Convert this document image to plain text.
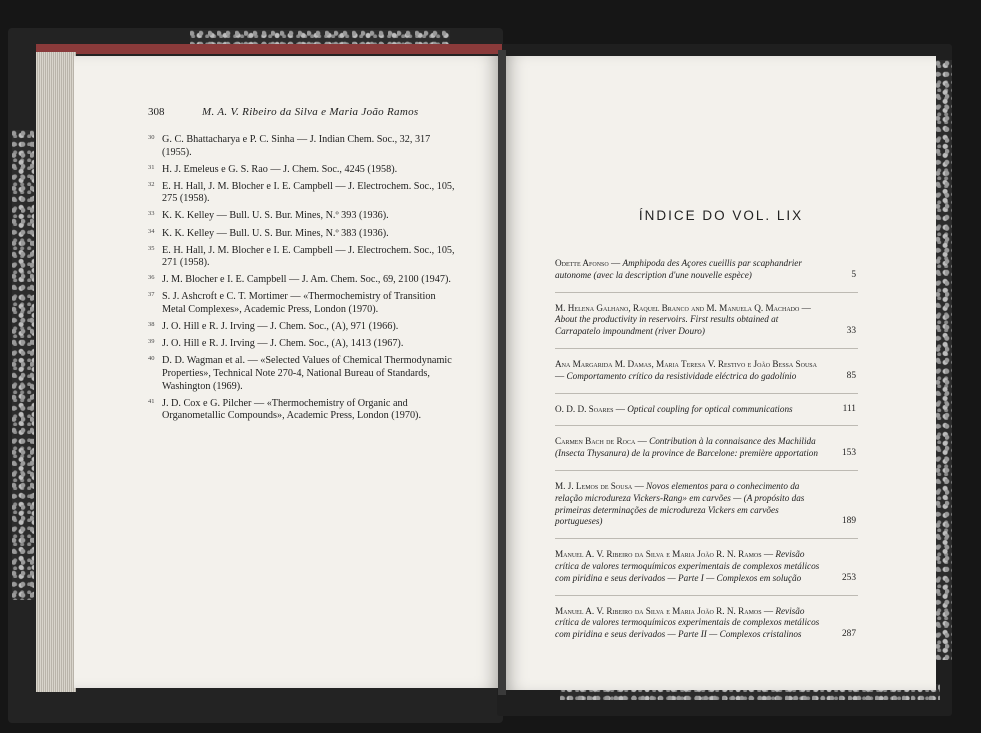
308	M. A. V. Ribeiro da Silva e Maria João Ramos
30 G. C. Bhattacharya e P. C. Sinha — J. Indian Chem. Soc., 32, 317 (1955).
31 H. J. Emeleus e G. S. Rao — J. Chem. Soc., 4245 (1958).
32 E. H. Hall, J. M. Blocher e I. E. Campbell — J. Electrochem. Soc., 105, 275 (1958).
33 K. K. Kelley — Bull. U. S. Bur. Mines, N.º 393 (1936).
34 K. K. Kelley — Bull. U. S. Bur. Mines, N.º 383 (1936).
35 E. H. Hall, J. M. Blocher e I. E. Campbell — J. Electrochem. Soc., 105, 271 (1958).
36 J. M. Blocher e I. E. Campbell — J. Am. Chem. Soc., 69, 2100 (1947).
37 S. J. Ashcroft e C. T. Mortimer — «Thermochemistry of Transition Metal Complexes», Academic Press, London (1970).
38 J. O. Hill e R. J. Irving — J. Chem. Soc., (A), 971 (1966).
39 J. O. Hill e R. J. Irving — J. Chem. Soc., (A), 1413 (1967).
40 D. D. Wagman et al. — «Selected Values of Chemical Thermodynamic Properties», Technical Note 270-4, National Bureau of Standards, Washington (1969).
41 J. D. Cox e G. Pilcher — «Thermochemistry of Organic and Organometallic Compounds», Academic Press, London (1970).
ÍNDICE DO VOL. LIX
Odette Afonso — Amphipoda des Açores cueillis par scaphandrier autonome (avec la description d'une nouvelle espèce)	5
M. Helena Galhano, Raquel Branco and M. Manuela Q. Machado — About the productivity in reservoirs. First results obtained at Carrapatelo impoundment (river Douro)	33
Ana Margarida M. Damas, Maria Teresa V. Restivo e João Bessa Sousa — Comportamento crítico da resistividade eléctrica do gadolínio	85
O. D. D. Soares — Optical coupling for optical communications	111
Carmen Bach de Roca — Contribution à la connaisance des Machilida (Insecta Thysanura) de la province de Barcelone: première apportation	153
M. J. Lemos de Sousa — Novos elementos para o conhecimento da relação microdureza Vickers-Rang» em carvões — (A propósito das primeiras determinações de microdureza Vickers em carvões portugueses)	189
Manuel A. V. Ribeiro da Silva e Maria João R. N. Ramos — Revisão crítica de valores termoquímicos experimentais de complexos metálicos com piridina e seus derivados — Parte I — Complexos em solução	253
Manuel A. V. Ribeiro da Silva e Maria João R. N. Ramos — Revisão crítica de valores termoquímicos experimentais de complexos metálicos com piridina e seus derivados — Parte II — Complexos cristalinos	287
